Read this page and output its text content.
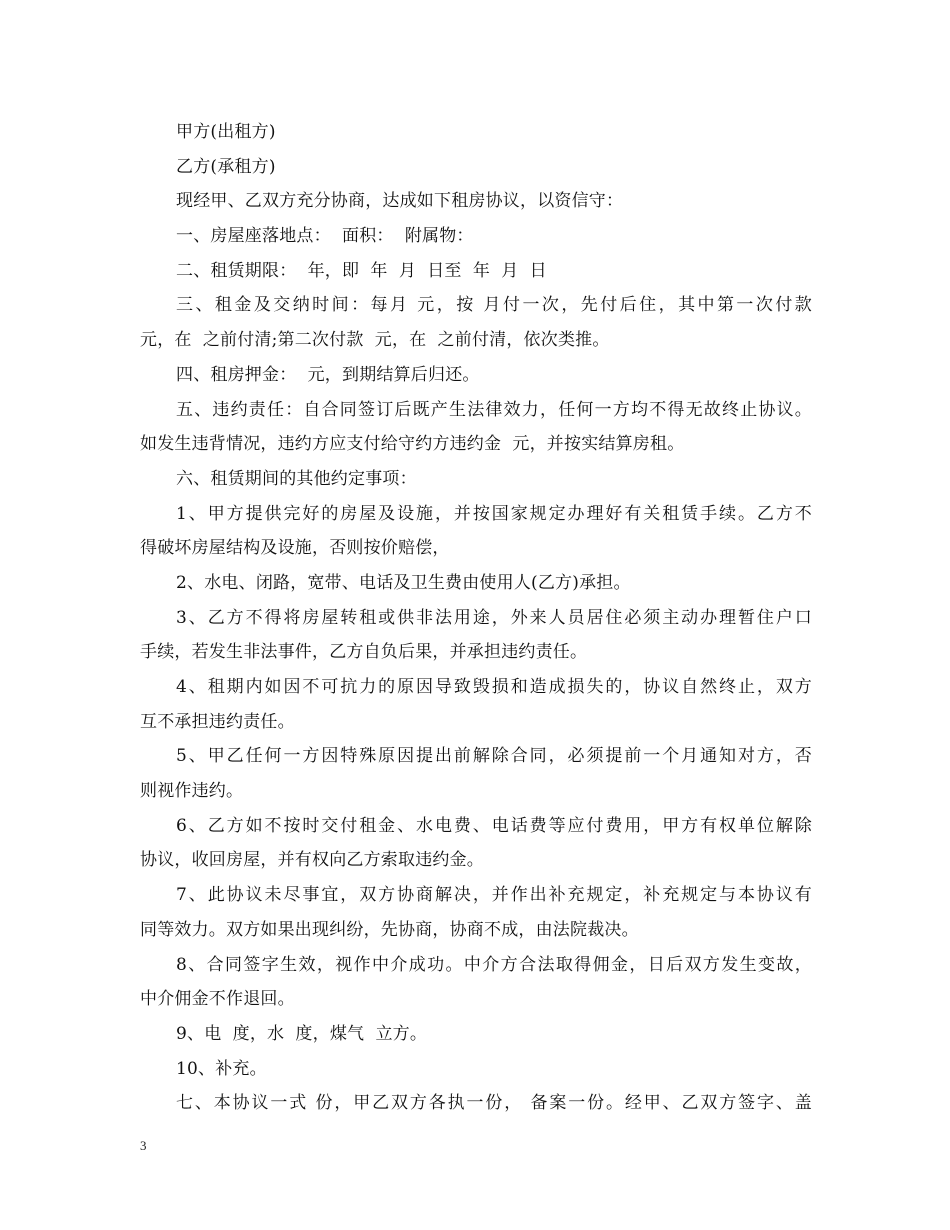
甲方(出租方)
乙方(承租方)
现经甲、乙双方充分协商，达成如下租房协议，以资信守：
一、房屋座落地点：  面积：  附属物：
二、租赁期限：  年，即  年  月  日至  年  月  日
三、租金及交纳时间：每月 元，按 月付一次，先付后住，其中第一次付款
元，在  之前付清;第二次付款  元，在  之前付清，依次类推。
四、租房押金：  元，到期结算后归还。
五、违约责任：自合同签订后既产生法律效力，任何一方均不得无故终止协议。
如发生违背情况，违约方应支付给守约方违约金  元，并按实结算房租。
六、租赁期间的其他约定事项：
1、甲方提供完好的房屋及设施，并按国家规定办理好有关租赁手续。乙方不
得破坏房屋结构及设施，否则按价赔偿，
2、水电、闭路，宽带、电话及卫生费由使用人(乙方)承担。
3、乙方不得将房屋转租或供非法用途，外来人员居住必须主动办理暂住户口
手续，若发生非法事件，乙方自负后果，并承担违约责任。
4、租期内如因不可抗力的原因导致毁损和造成损失的，协议自然终止，双方
互不承担违约责任。
5、甲乙任何一方因特殊原因提出前解除合同，必须提前一个月通知对方，否
则视作违约。
6、乙方如不按时交付租金、水电费、电话费等应付费用，甲方有权单位解除
协议，收回房屋，并有权向乙方索取违约金。
7、此协议未尽事宜，双方协商解决，并作出补充规定，补充规定与本协议有
同等效力。双方如果出现纠纷，先协商，协商不成，由法院裁决。
8、合同签字生效，视作中介成功。中介方合法取得佣金，日后双方发生变故，
中介佣金不作退回。
9、电  度，水  度，煤气  立方。
10、补充。
七、本协议一式 份，甲乙双方各执一份， 备案一份。经甲、乙双方签字、盖
3
